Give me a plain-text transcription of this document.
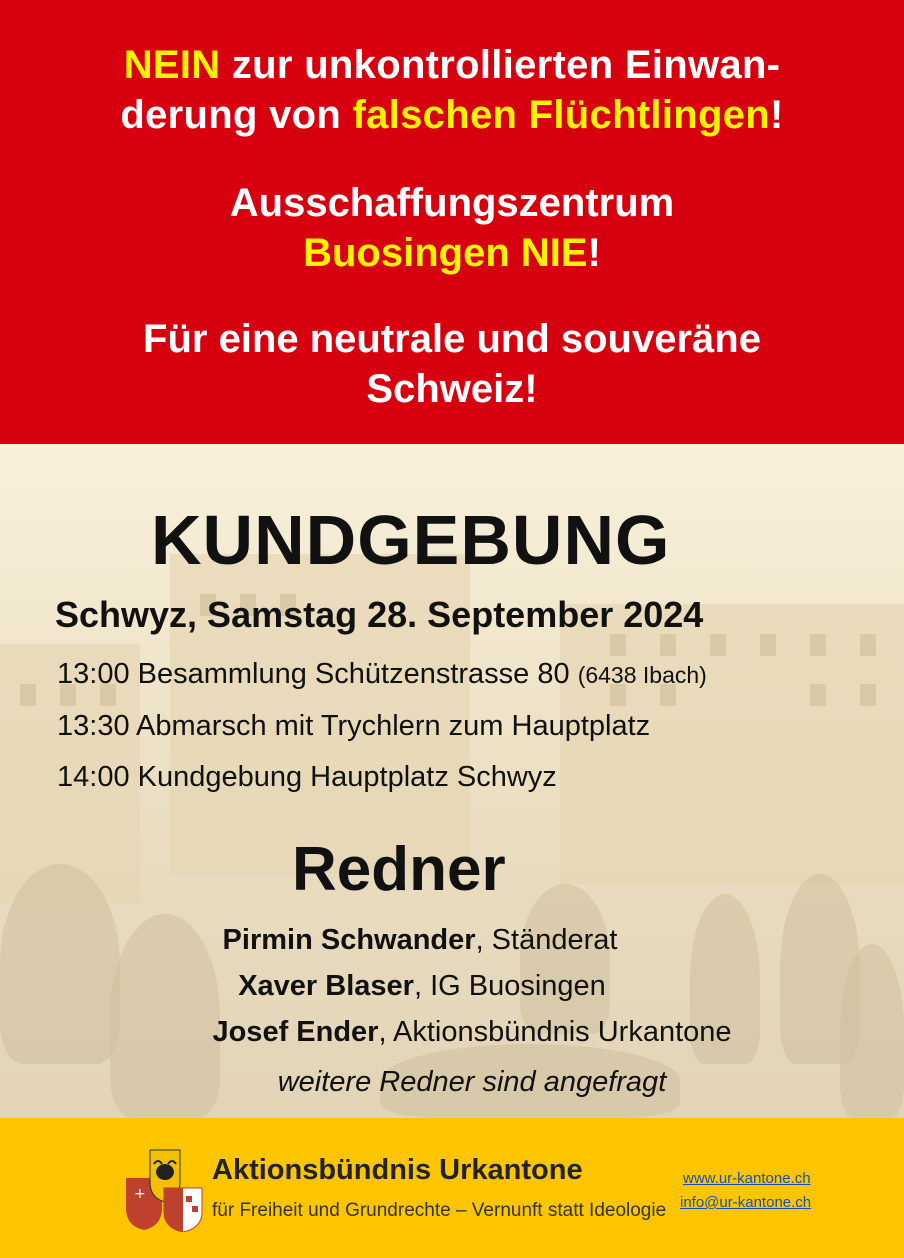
NEIN zur unkontrollierten Einwan-
derung von falschen Flüchtlingen!
Ausschaffungszentrum
Buosingen NIE!
Für eine neutrale und souveräne
Schweiz!
KUNDGEBUNG
Schwyz, Samstag 28. September 2024
13:00 Besammlung Schützenstrasse 80 (6438 Ibach)
13:30 Abmarsch mit Trychlern zum Hauptplatz
14:00 Kundgebung Hauptplatz Schwyz
Redner
Pirmin Schwander, Ständerat
Xaver Blaser, IG Buosingen
Josef Ender, Aktionsbündnis Urkantone
weitere Redner sind angefragt
+
Aktionsbündnis Urkantone
für Freiheit und Grundrechte – Vernunft statt Ideologie
www.ur-kantone.ch
info@ur-kantone.ch
